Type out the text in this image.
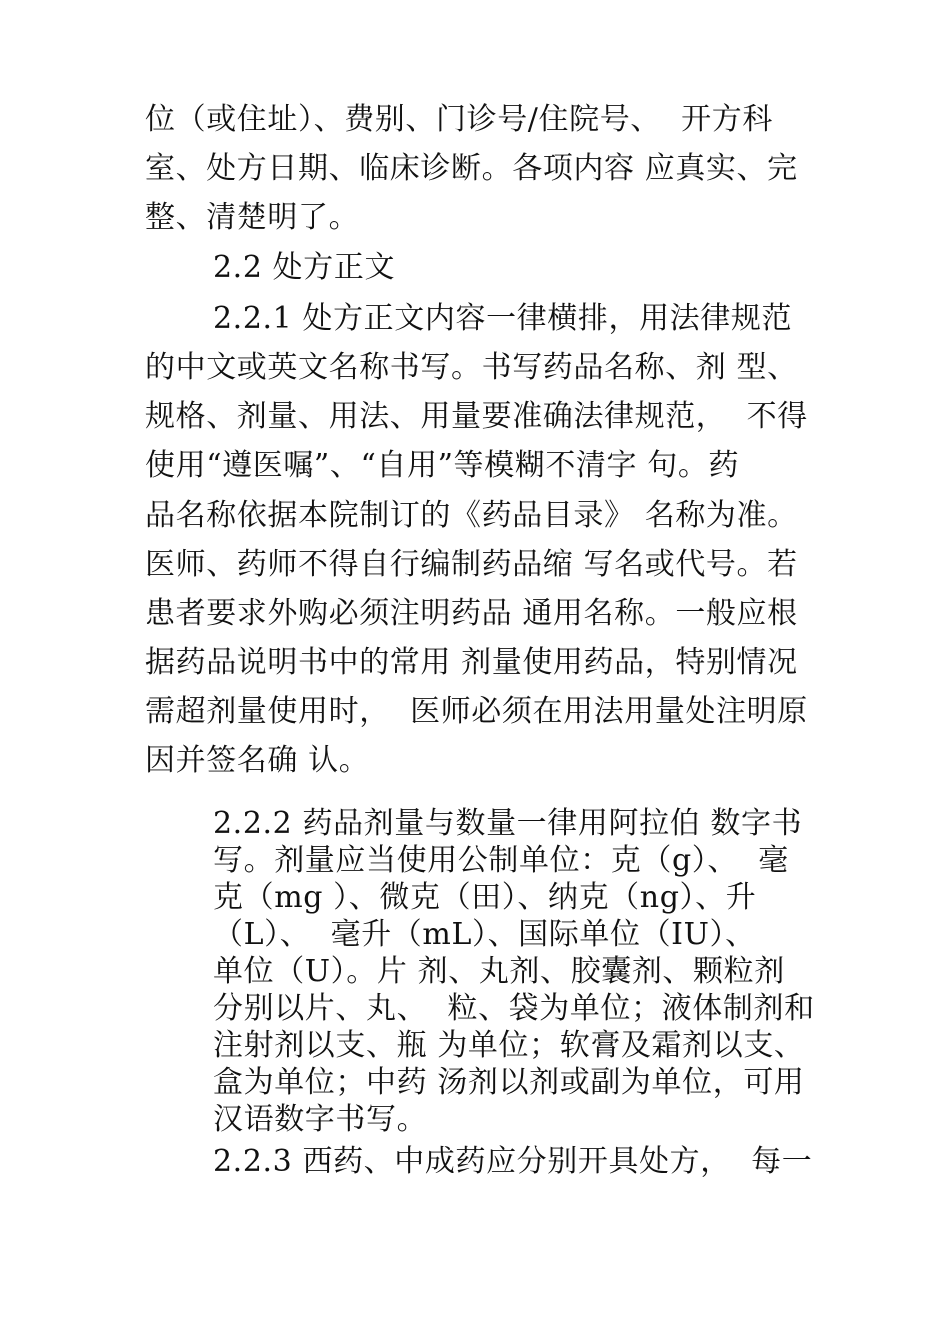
位（或住址）、费别、门诊号/住院号、  开方科
室、处方日期、临床诊断。各项内容 应真实、完
整、清楚明了。
2.2 处方正文
2.2.1 处方正文内容一律横排，用法律规范
的中文或英文名称书写。书写药品名称、剂 型、
规格、剂量、用法、用量要准确法律规范，  不得
使用“遵医嘱”、“自用”等模糊不清字 句。药
品名称依据本院制订的《药品目录》 名称为准。
医师、药师不得自行编制药品缩 写名或代号。若
患者要求外购必须注明药品 通用名称。一般应根
据药品说明书中的常用 剂量使用药品，特别情况
需超剂量使用时，  医师必须在用法用量处注明原
因并签名确 认。
2.2.2 药品剂量与数量一律用阿拉伯 数字书
写。剂量应当使用公制单位：克（g）、  毫
克（mg ）、微克（田）、纳克（ng）、升
（L）、  毫升（mL）、国际单位（IU）、
单位（U）。片 剂、丸剂、胶囊剂、颗粒剂
分别以片、丸、  粒、袋为单位；液体制剂和
注射剂以支、瓶 为单位；软膏及霜剂以支、
盒为单位；中药 汤剂以剂或副为单位，可用
汉语数字书写。
2.2.3 西药、中成药应分别开具处方，  每一
